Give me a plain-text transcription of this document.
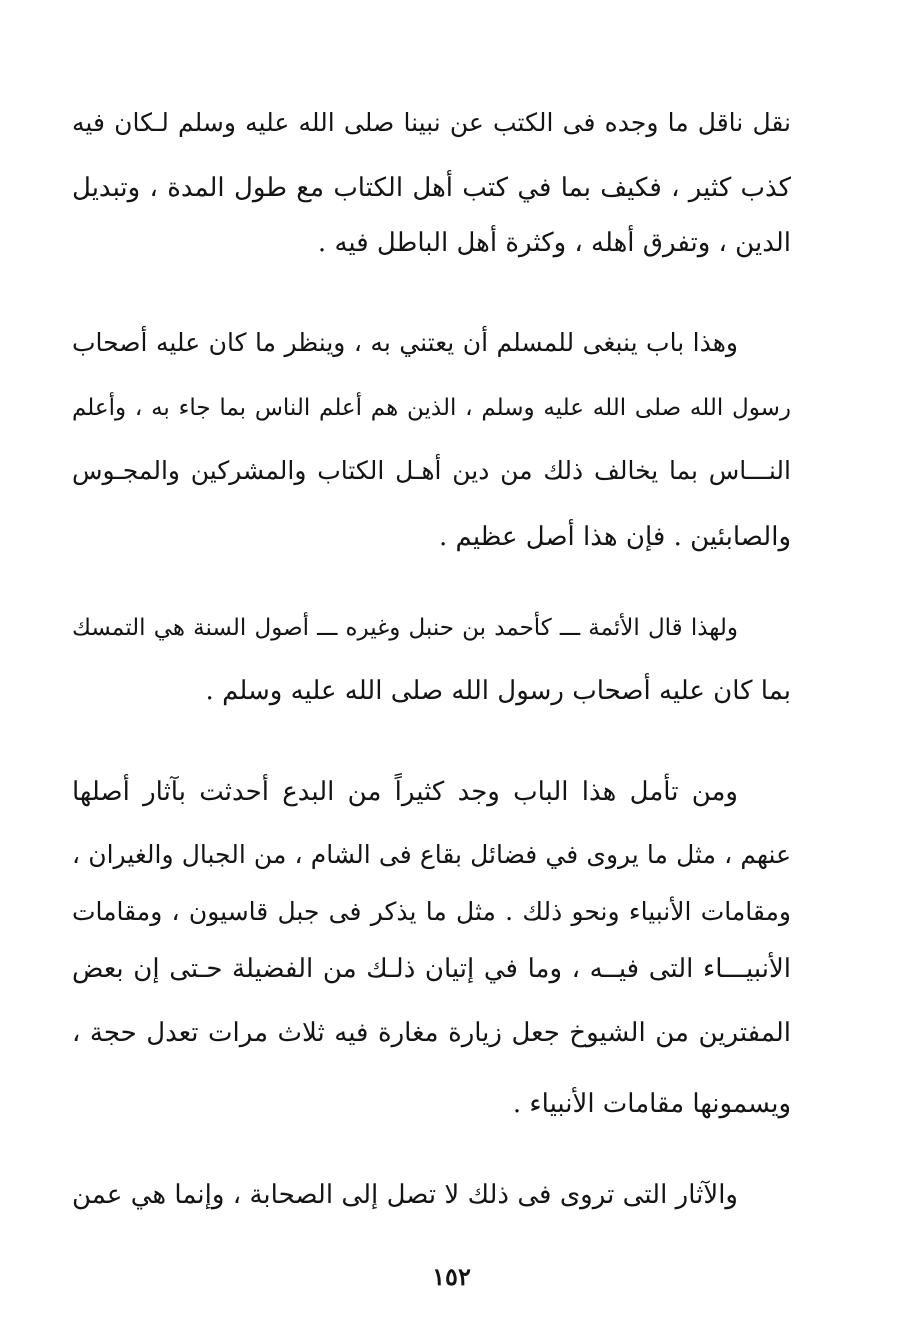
نقل ناقل ما وجده فى الكتب عن نبينا صلى الله عليه وسلم لـكان فيه
كذب كثير ، فكيف بما في كتب أهل الكتاب مع طول المدة ، وتبديل
الدين ، وتفرق أهله ، وكثرة أهل الباطل فيه .
وهذا باب ينبغى للمسلم أن يعتني به ، وينظر ما كان عليه أصحاب
رسول الله صلى الله عليه وسلم ، الذين هم أعلم الناس بما جاء به ، وأعلم
النـــاس بما يخالف ذلك من دين أهـل الكتاب والمشركين والمجـوس
والصابئين . فإن هذا أصل عظيم .
ولهذا قال الأئمة ـــ كأحمد بن حنبل وغيره ـــ أصول السنة هي التمسك
بما كان عليه أصحاب رسول الله صلى الله عليه وسلم .
ومن تأمل هذا الباب وجد كثيراً من البدع أحدثت بآثار أصلها
عنهم ، مثل ما يروى في فضائل بقاع فى الشام ، من الجبال والغيران ،
ومقامات الأنبياء ونحو ذلك . مثل ما يذكر فى جبل قاسيون ، ومقامات
الأنبيـــاء التى فيــه ، وما في إتيان ذلـك من الفضيلة حـتى إن بعض
المفترين من الشيوخ جعل زيارة مغارة فيه ثلاث مرات تعدل حجة ،
ويسمونها مقامات الأنبياء .
والآثار التى تروى فى ذلك لا تصل إلى الصحابة ، وإنما هي عمن
١٥٢
